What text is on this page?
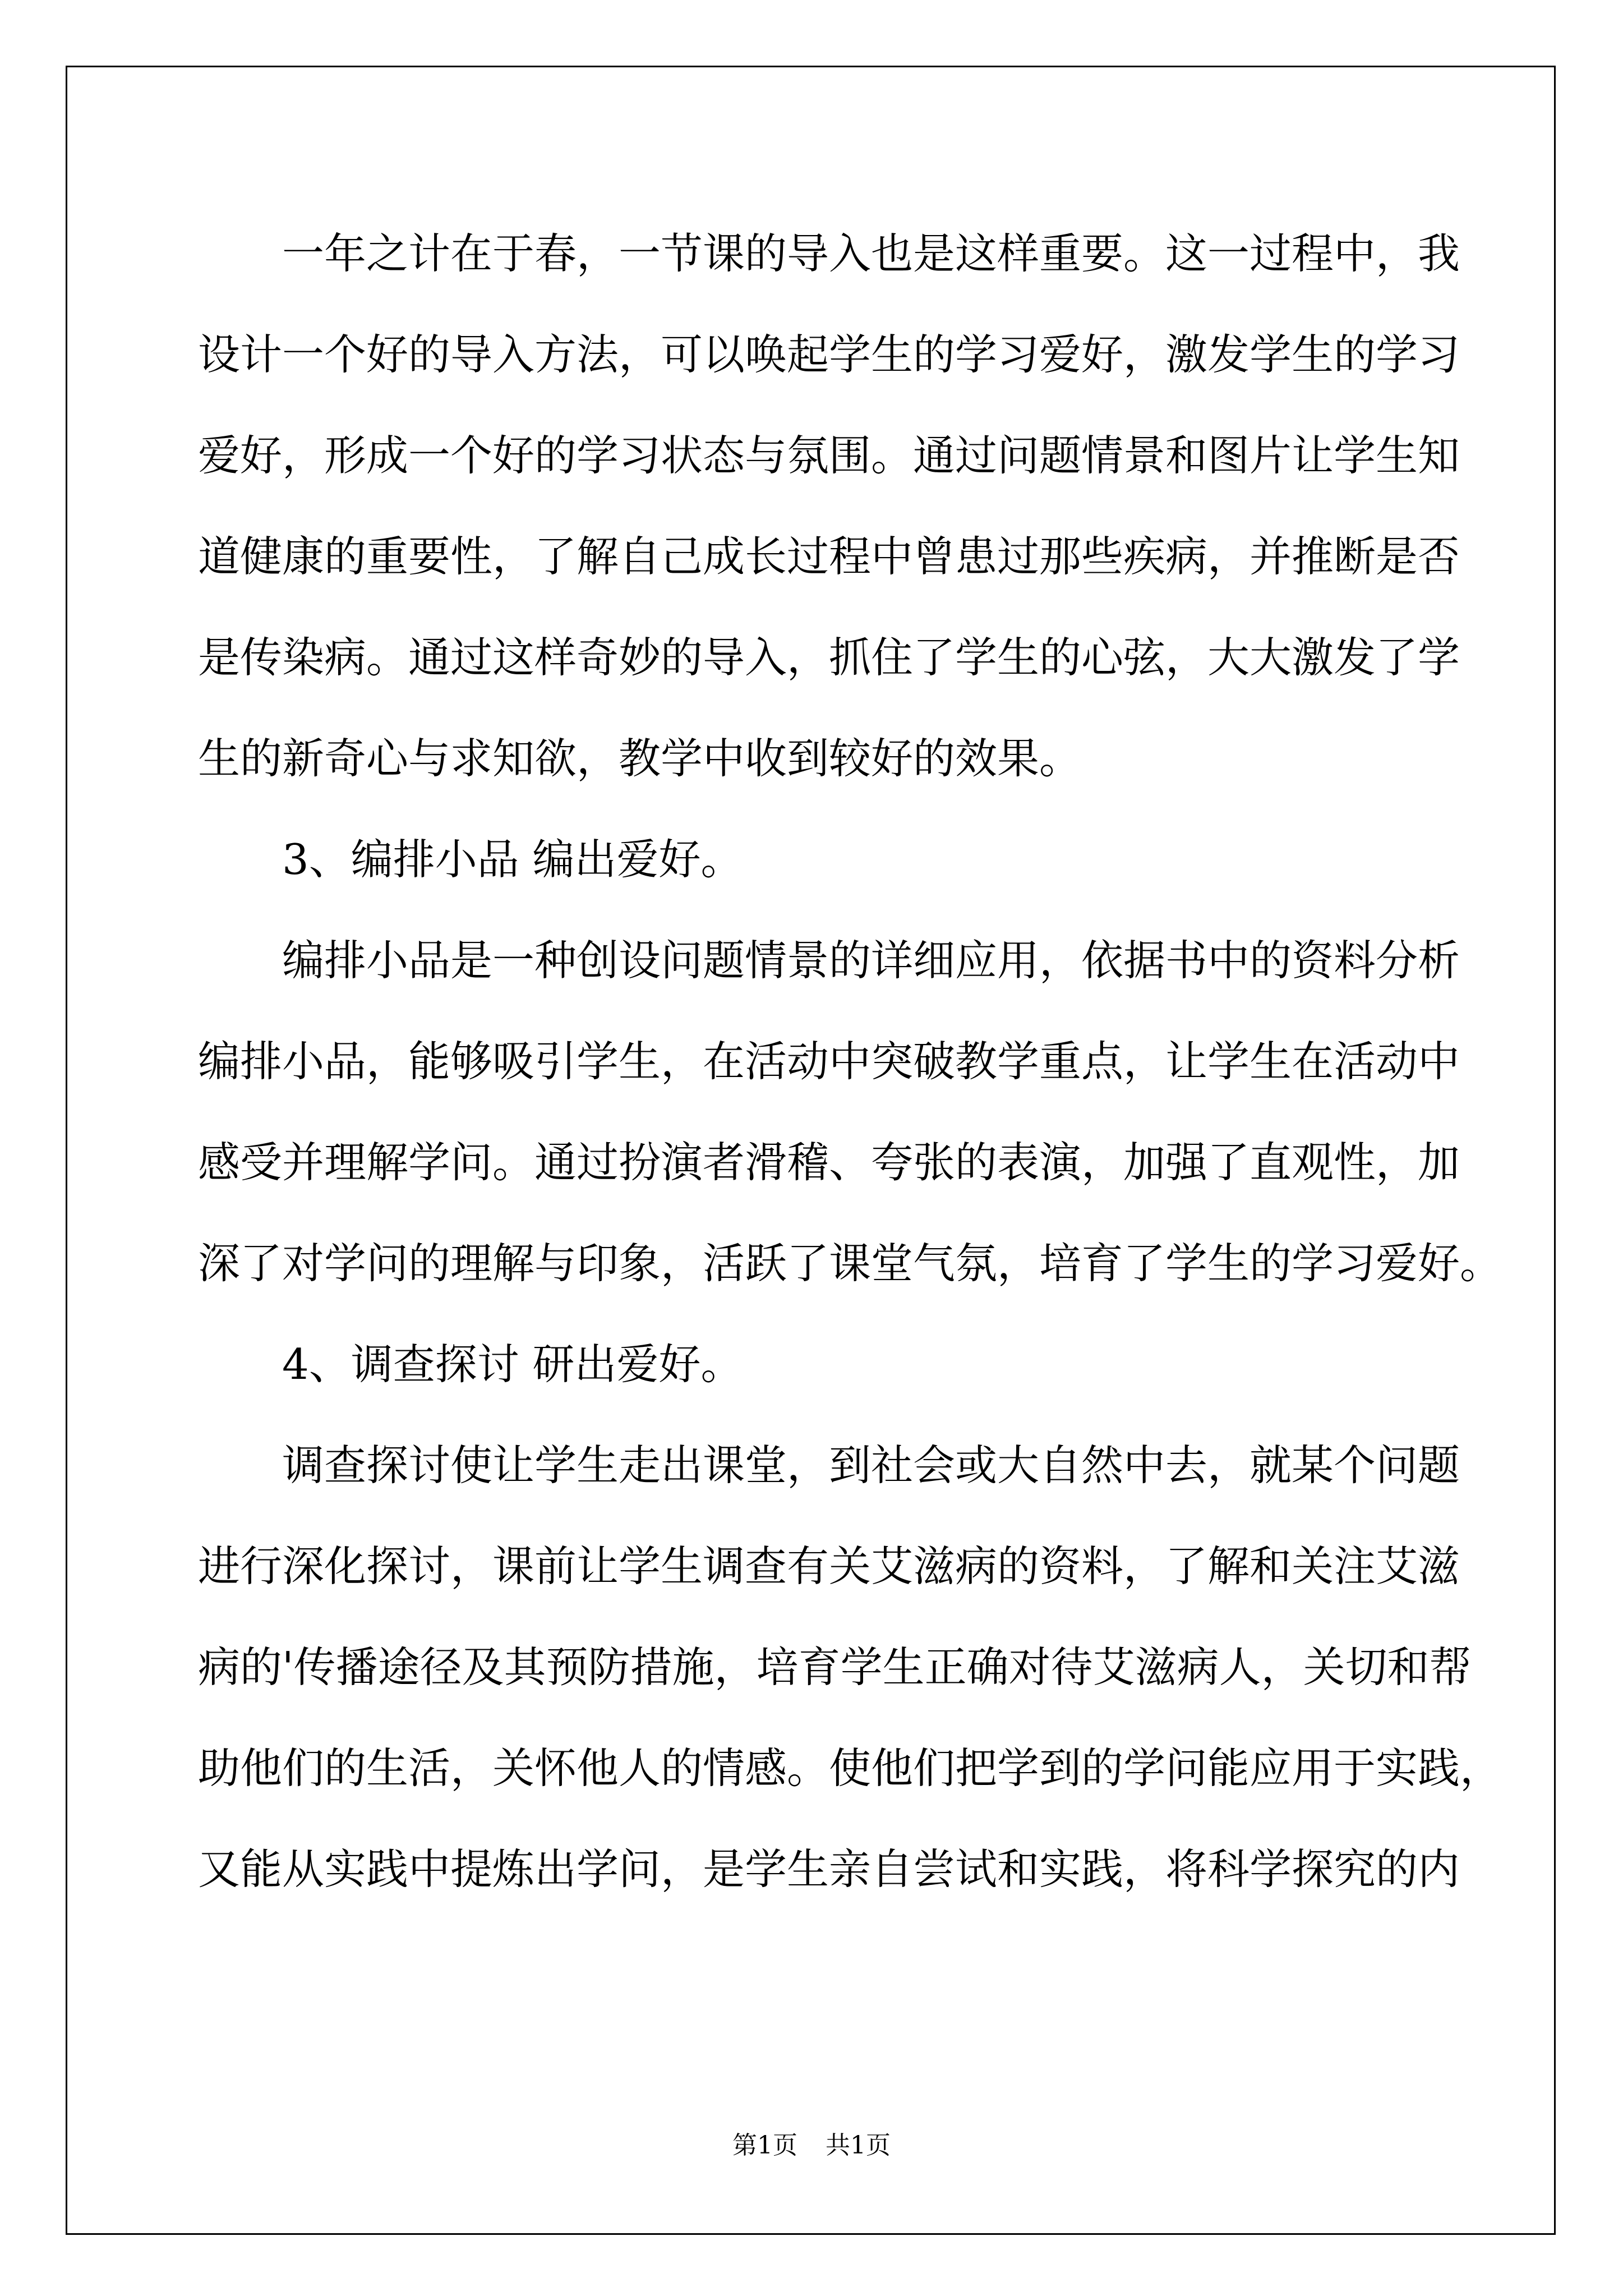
一年之计在于春，一节课的导入也是这样重要。这一过程中，我
设计一个好的导入方法，可以唤起学生的学习爱好，激发学生的学习
爱好，形成一个好的学习状态与氛围。通过问题情景和图片让学生知
道健康的重要性，了解自己成长过程中曾患过那些疾病，并推断是否
是传染病。通过这样奇妙的导入，抓住了学生的心弦，大大激发了学
生的新奇心与求知欲，教学中收到较好的效果。
3、编排小品 编出爱好。
编排小品是一种创设问题情景的详细应用，依据书中的资料分析
编排小品，能够吸引学生，在活动中突破教学重点，让学生在活动中
感受并理解学问。通过扮演者滑稽、夸张的表演，加强了直观性，加
深了对学问的理解与印象，活跃了课堂气氛，培育了学生的学习爱好。
4、调查探讨 研出爱好。
调查探讨使让学生走出课堂，到社会或大自然中去，就某个问题
进行深化探讨，课前让学生调查有关艾滋病的资料，了解和关注艾滋
病的'传播途径及其预防措施，培育学生正确对待艾滋病人，关切和帮
助他们的生活，关怀他人的情感。使他们把学到的学问能应用于实践，
又能从实践中提炼出学问，是学生亲自尝试和实践，将科学探究的内
第1页 共1页
